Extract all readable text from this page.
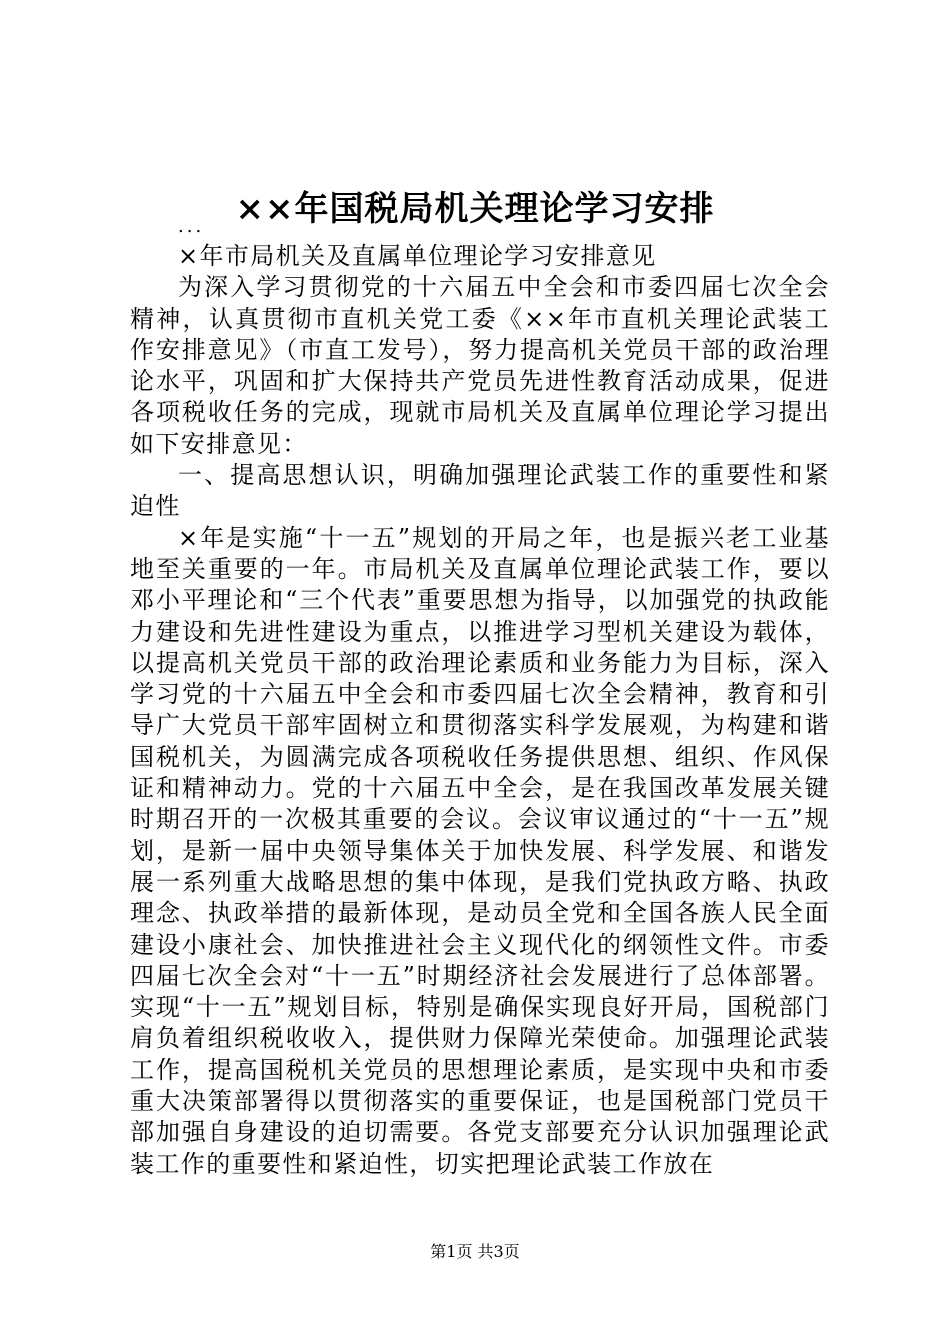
××年国税局机关理论学习安排
...

×年市局机关及直属单位理论学习安排意见

为深入学习贯彻党的十六届五中全会和市委四届七次全会精神，认真贯彻市直机关党工委《××年市直机关理论武装工作安排意见》（市直工发号），努力提高机关党员干部的政治理论水平，巩固和扩大保持共产党员先进性教育活动成果，促进各项税收任务的完成，现就市局机关及直属单位理论学习提出如下安排意见：

一、提高思想认识，明确加强理论武装工作的重要性和紧迫性

×年是实施“十一五”规划的开局之年，也是振兴老工业基地至关重要的一年。市局机关及直属单位理论武装工作，要以邓小平理论和“三个代表”重要思想为指导，以加强党的执政能力建设和先进性建设为重点，以推进学习型机关建设为载体，以提高机关党员干部的政治理论素质和业务能力为目标，深入学习党的十六届五中全会和市委四届七次全会精神，教育和引导广大党员干部牢固树立和贯彻落实科学发展观，为构建和谐国税机关，为圆满完成各项税收任务提供思想、组织、作风保证和精神动力。党的十六届五中全会，是在我国改革发展关键时期召开的一次极其重要的会议。会议审议通过的“十一五”规划，是新一届中央领导集体关于加快发展、科学发展、和谐发展一系列重大战略思想的集中体现，是我们党执政方略、执政理念、执政举措的最新体现，是动员全党和全国各族人民全面建设小康社会、加快推进社会主义现代化的纲领性文件。市委四届七次全会对“十一五”时期经济社会发展进行了总体部署。实现“十一五”规划目标，特别是确保实现良好开局，国税部门肩负着组织税收收入，提供财力保障光荣使命。加强理论武装工作，提高国税机关党员的思想理论素质，是实现中央和市委重大决策部署得以贯彻落实的重要保证，也是国税部门党员干部加强自身建设的迫切需要。各党支部要充分认识加强理论武装工作的重要性和紧迫性，切实把理论武装工作放在

第1页 共3页
